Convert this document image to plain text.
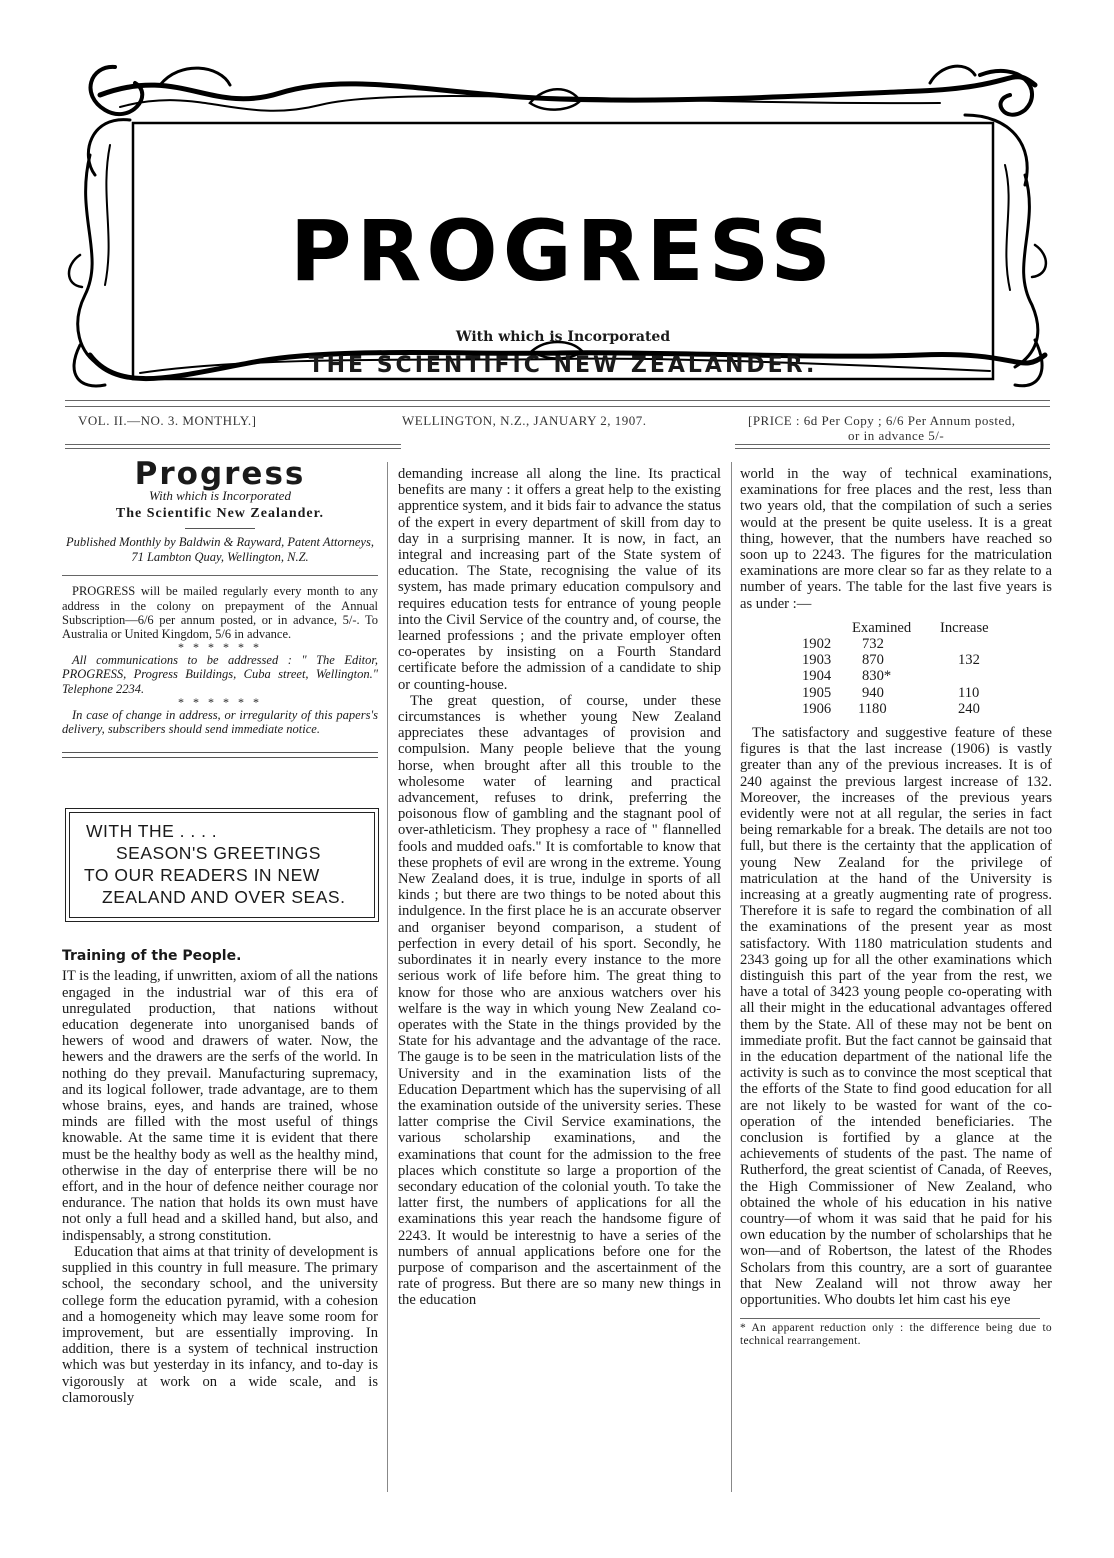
PROGRESS
With which is Incorporated
THE SCIENTIFIC NEW ZEALANDER.
VOL. II.—NO. 3. MONTHLY.]	WELLINGTON, N.Z., JANUARY 2, 1907.	[PRICE : 6d Per Copy ; 6/6 Per Annum posted,
or in advance 5/-
Progress
With which is Incorporated
The Scientific New Zealander.
Published Monthly by Baldwin & Rayward, Patent Attorneys, 71 Lambton Quay, Wellington, N.Z.

PROGRESS will be mailed regularly every month to any address in the colony on prepayment of the Annual Subscription—6/6 per annum posted, or in advance, 5/-. To Australia or United Kingdom, 5/6 in advance.

* * * * * *

All communications to be addressed : " The Editor, PROGRESS, Progress Buildings, Cuba street, Wellington." Telephone 2234.

* * * * * *

In case of change in address, or irregularity of this papers's delivery, subscribers should send immediate notice.

WITH THE . . . .
SEASON'S GREETINGS
TO OUR READERS IN NEW
ZEALAND AND OVER SEAS.
Training of the People.

IT is the leading, if unwritten, axiom of all the nations engaged in the industrial war of this era of unregulated production, that nations without education degenerate into unorganised bands of hewers of wood and drawers of water. Now, the hewers and the drawers are the serfs of the world. In nothing do they prevail. Manufacturing supremacy, and its logical follower, trade advantage, are to them whose brains, eyes, and hands are trained, whose minds are filled with the most useful of things knowable. At the same time it is evident that there must be the healthy body as well as the healthy mind, otherwise in the day of enterprise there will be no effort, and in the hour of defence neither courage nor endurance. The nation that holds its own must have not only a full head and a skilled hand, but also, and indispensably, a strong constitution.

Education that aims at that trinity of development is supplied in this country in full measure. The primary school, the secondary school, and the university college form the education pyramid, with a cohesion and a homogeneity which may leave some room for improvement, but are essentially improving. In addition, there is a system of technical instruction which was but yesterday in its infancy, and to-day is vigorously at work on a wide scale, and is clamorously

demanding increase all along the line. Its practical benefits are many : it offers a great help to the existing apprentice system, and it bids fair to advance the status of the expert in every department of skill from day to day in a surprising manner. It is now, in fact, an integral and increasing part of the State system of education. The State, recognising the value of its system, has made primary education compulsory and requires education tests for entrance of young people into the Civil Service of the country and, of course, the learned professions ; and the private employer often co-operates by insisting on a Fourth Standard certificate before the admission of a candidate to ship or counting-house.

The great question, of course, under these circumstances is whether young New Zealand appreciates these advantages of provision and compulsion. Many people believe that the young horse, when brought after all this trouble to the wholesome water of learning and practical advancement, refuses to drink, preferring the poisonous flow of gambling and the stagnant pool of over-athleticism. They prophesy a race of " flannelled fools and mudded oafs." It is comfortable to know that these prophets of evil are wrong in the extreme. Young New Zealand does, it is true, indulge in sports of all kinds ; but there are two things to be noted about this indulgence. In the first place he is an accurate observer and organiser beyond comparison, a student of perfection in every detail of his sport. Secondly, he subordinates it in nearly every instance to the more serious work of life before him. The great thing to know for those who are anxious watchers over his welfare is the way in which young New Zealand co-operates with the State in the things provided by the State for his advantage and the advantage of the race. The gauge is to be seen in the matriculation lists of the University and in the examination lists of the Education Department which has the supervising of all the examination outside of the university series. These latter comprise the Civil Service examinations, the various scholarship examinations, and the examinations that count for the admission to the free places which constitute so large a proportion of the secondary education of the colonial youth. To take the latter first, the numbers of applications for all the examinations this year reach the handsome figure of 2243. It would be interestnig to have a series of the numbers of annual applications before one for the purpose of comparison and the ascertainment of the rate of progress. But there are so many new things in the education

world in the way of technical examinations, examinations for free places and the rest, less than two years old, that the compilation of such a series would at the present be quite useless. It is a great thing, however, that the numbers have reached so soon up to 2243. The figures for the matriculation examinations are more clear so far as they relate to a number of years. The table for the last five years is as under :—

Examined Increase
1902 732
1903 870	132
1904 830*
1905 940	110
1906 1180	240

The satisfactory and suggestive feature of these figures is that the last increase (1906) is vastly greater than any of the previous increases. It is of 240 against the previous largest increase of 132. Moreover, the increases of the previous years evidently were not at all regular, the series in fact being remarkable for a break. The details are not too full, but there is the certainty that the application of young New Zealand for the privilege of matriculation at the hand of the University is increasing at a greatly augmenting rate of progress. Therefore it is safe to regard the combination of all the examinations of the present year as most satisfactory. With 1180 matriculation students and 2343 going up for all the other examinations which distinguish this part of the year from the rest, we have a total of 3423 young people co-operating with all their might in the educational advantages offered them by the State. All of these may not be bent on immediate profit. But the fact cannot be gainsaid that in the education department of the national life the activity is such as to convince the most sceptical that the efforts of the State to find good education for all are not likely to be wasted for want of the co-operation of the intended beneficiaries. The conclusion is fortified by a glance at the achievements of students of the past. The name of Rutherford, the great scientist of Canada, of Reeves, the High Commissioner of New Zealand, who obtained the whole of his education in his native country—of whom it was said that he paid for his own education by the number of scholarships that he won—and of Robertson, the latest of the Rhodes Scholars from this country, are a sort of guarantee that New Zealand will not throw away her opportunities. Who doubts let him cast his eye

* An apparent reduction only : the difference being due to technical rearrangement.
